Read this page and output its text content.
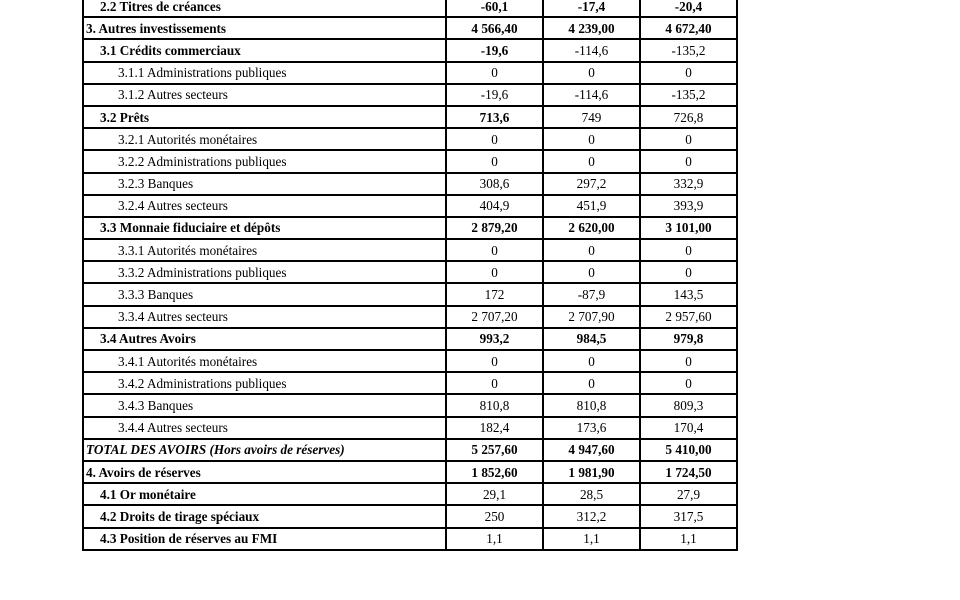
2.2 Titres de créances	-60,1	-17,4	-20,4
3. Autres investissements	4 566,40	4 239,00	4 672,40
3.1 Crédits commerciaux	-19,6	-114,6	-135,2
3.1.1 Administrations publiques	0	0	0
3.1.2 Autres secteurs	-19,6	-114,6	-135,2
3.2 Prêts	713,6	749	726,8
3.2.1 Autorités monétaires	0	0	0
3.2.2 Administrations publiques	0	0	0
3.2.3 Banques	308,6	297,2	332,9
3.2.4 Autres secteurs	404,9	451,9	393,9
3.3 Monnaie fiduciaire et dépôts	2 879,20	2 620,00	3 101,00
3.3.1 Autorités monétaires	0	0	0
3.3.2 Administrations publiques	0	0	0
3.3.3 Banques	172	-87,9	143,5
3.3.4 Autres secteurs	2 707,20	2 707,90	2 957,60
3.4 Autres Avoirs	993,2	984,5	979,8
3.4.1 Autorités monétaires	0	0	0
3.4.2 Administrations publiques	0	0	0
3.4.3 Banques	810,8	810,8	809,3
3.4.4 Autres secteurs	182,4	173,6	170,4
TOTAL DES AVOIRS (Hors avoirs de réserves)	5 257,60	4 947,60	5 410,00
4. Avoirs de réserves	1 852,60	1 981,90	1 724,50
4.1 Or monétaire	29,1	28,5	27,9
4.2 Droits de tirage spéciaux	250	312,2	317,5
4.3 Position de réserves au FMI	1,1	1,1	1,1
